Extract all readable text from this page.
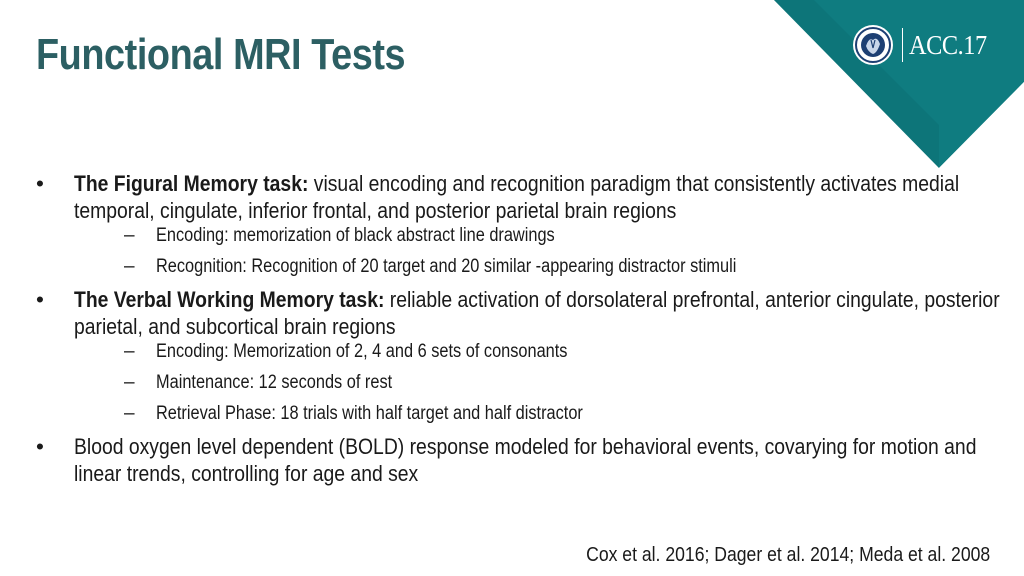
Functional MRI Tests	ACC.17
• The Figural Memory task: visual encoding and recognition paradigm that consistently activates medial temporal, cingulate, inferior frontal, and posterior parietal brain regions
– Encoding: memorization of black abstract line drawings
– Recognition: Recognition of 20 target and 20 similar -appearing distractor stimuli
• The Verbal Working Memory task: reliable activation of dorsolateral prefrontal, anterior cingulate, posterior parietal, and subcortical brain regions
– Encoding: Memorization of 2, 4 and 6 sets of consonants
– Maintenance: 12 seconds of rest
– Retrieval Phase: 18 trials with half target and half distractor
• Blood oxygen level dependent (BOLD) response modeled for behavioral events, covarying for motion and linear trends, controlling for age and sex
Cox et al. 2016; Dager et al. 2014; Meda et al. 2008
